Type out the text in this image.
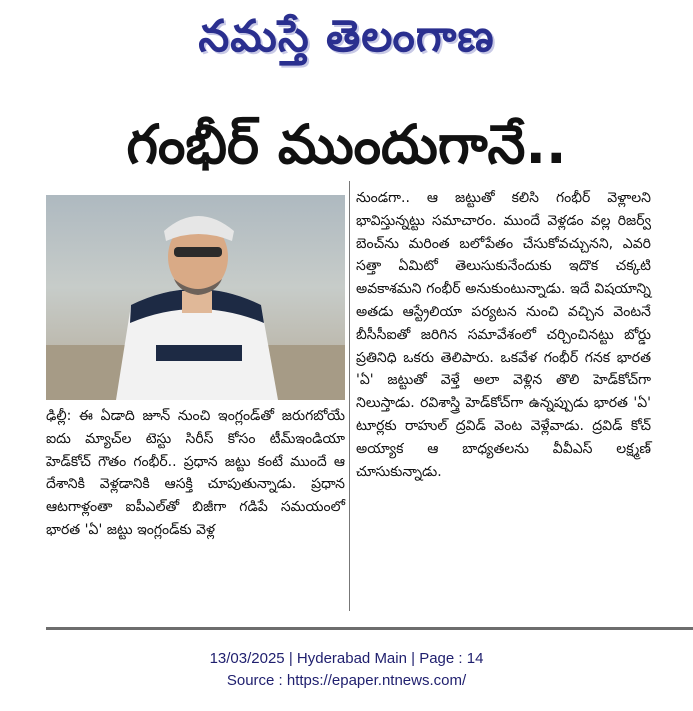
నమస్తే తెలంగాణ
గంభీర్ ముందుగానే..
ఢిల్లీ: ఈ ఏడాది జూన్ నుంచి ఇంగ్లండ్‌తో జరుగబోయే ఐదు మ్యాచ్‌ల టెస్టు సిరీస్ కోసం టీమ్‌ఇండియా హెడ్‌కోచ్ గౌతం గంభీర్.. ప్రధాన జట్టు కంటే ముందే ఆ దేశానికి వెళ్లడానికి ఆసక్తి చూపుతున్నాడు. ప్రధాన ఆటగాళ్లంతా ఐపీఎల్‌తో బిజీగా గడిపే సమయంలో భారత 'ఏ' జట్టు ఇంగ్లండ్‌కు వెళ్ల
నుండగా.. ఆ జట్టుతో కలిసి గంభీర్ వెళ్లాలని భావిస్తున్నట్టు సమాచారం. ముందే వెళ్లడం వల్ల రిజర్వ్ బెంచ్‌ను మరింత బలోపేతం చేసుకోవచ్చునని, ఎవరి సత్తా ఏమిటో తెలుసుకునేందుకు ఇదొక చక్కటి అవకాశమని గంభీర్ అనుకుంటున్నాడు. ఇదే విషయాన్ని అతడు ఆస్ట్రేలియా పర్యటన నుంచి వచ్చిన వెంటనే బీసీసీఐతో జరిగిన సమావేశంలో చర్చించినట్టు బోర్డు ప్రతినిధి ఒకరు తెలిపారు. ఒకవేళ గంభీర్ గనక భారత 'ఏ' జట్టుతో వెళ్తే అలా వెళ్లిన తొలి హెడ్‌కోచ్‌గా నిలుస్తాడు. రవిశాస్త్రి హెడ్‌కోచ్‌గా ఉన్నప్పుడు భారత 'ఏ' టూర్లకు రాహుల్ ద్రవిడ్ వెంట వెళ్లేవాడు. ద్రవిడ్ కోచ్ అయ్యాక ఆ బాధ్యతలను వీవీఎస్ లక్ష్మణ్ చూసుకున్నాడు.
13/03/2025 | Hyderabad Main | Page : 14
Source : https://epaper.ntnews.com/
